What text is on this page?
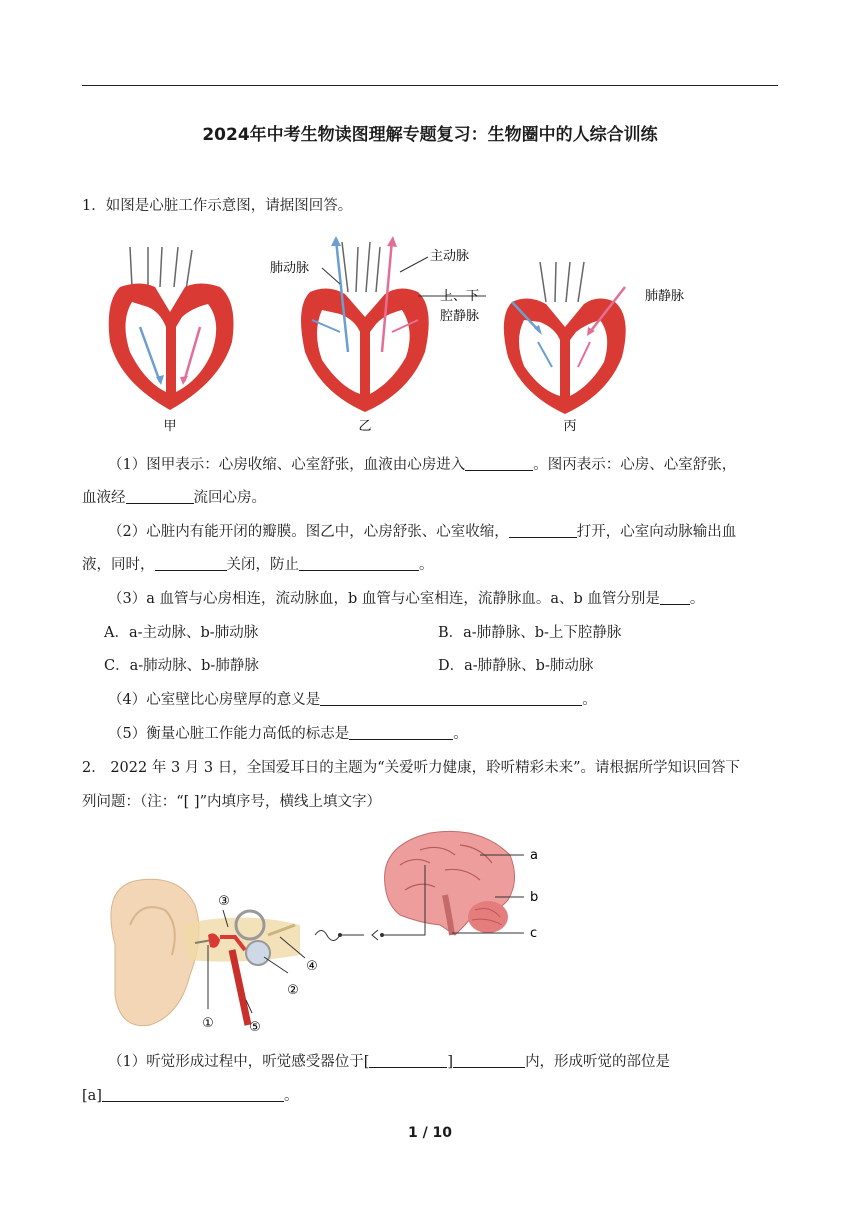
2024年中考生物读图理解专题复习：生物圈中的人综合训练
1．如图是心脏工作示意图，请据图回答。
甲
肺动脉
主动脉
上、下
腔静脉
乙
肺静脉
丙
（1）图甲表示：心房收缩、心室舒张，血液由心房进入	。图丙表示：心房、心室舒张，
血液经	流回心房。
（2）心脏内有能开闭的瓣膜。图乙中，心房舒张、心室收缩，	打开，心室向动脉输出血
液，同时，	关闭，防止	。
（3）a 血管与心房相连，流动脉血，b 血管与心室相连，流静脉血。a、b 血管分别是 。
A．a-主动脉、b-肺动脉	B．a-肺静脉、b-上下腔静脉
C．a-肺动脉、b-肺静脉	D．a-肺静脉、b-肺动脉
（4）心室壁比心房壁厚的意义是	。
（5）衡量心脏工作能力高低的标志是	。
2． 2022 年 3 月 3 日，全国爱耳日的主题为“关爱听力健康，聆听精彩未来”。请根据所学知识回答下
列问题：（注：“[ ]”内填序号，横线上填文字）
a
b
c
③
④
②
①	⑤
（1）听觉形成过程中，听觉感受器位于[	]	内，形成听觉的部位是
[a]	。
1 / 10
